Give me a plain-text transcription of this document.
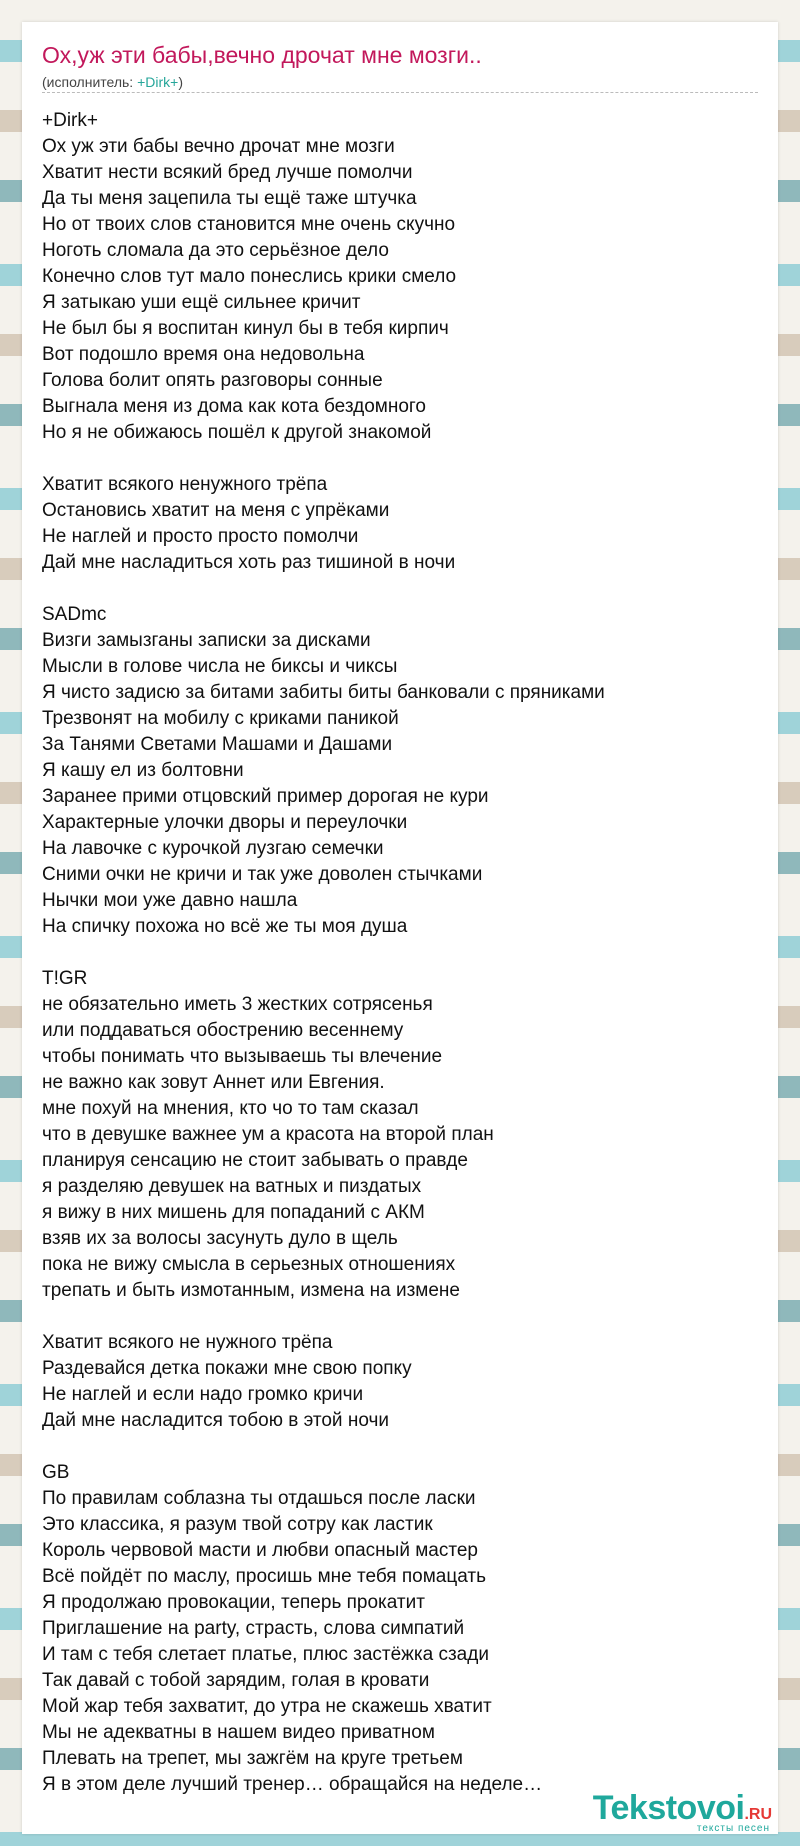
Ох,уж эти бабы,вечно дрочат мне мозги..
(исполнитель: +Dirk+)
+Dirk+
Ох уж эти бабы вечно дрочат мне мозги
Хватит нести всякий бред лучше помолчи
Да ты меня зацепила ты ещё таже штучка
Но от твоих слов становится мне очень скучно
Ноготь сломала да это серьёзное дело
Конечно слов тут мало понеслись крики смело
Я затыкаю уши ещё сильнее кричит
Не был бы я воспитан кинул бы в тебя кирпич
Вот подошло время она недовольна
Голова болит опять разговоры сонные
Выгнала меня из дома как кота бездомного
Но я не обижаюсь пошёл к другой знакомой
Хватит всякого ненужного трёпа
Остановись хватит на меня с упрёками
Не наглей и просто просто помолчи
Дай мне насладиться хоть раз тишиной в ночи
SADmc
Визги замызганы записки за дисками
Мысли в голове числа не биксы и чиксы
Я чисто задисю за битами забиты биты банковали с пряниками
Трезвонят на мобилу с криками паникой
За Танями Светами Машами и Дашами
Я кашу ел из болтовни
Заранее прими отцовский пример дорогая не кури
Характерные улочки дворы и переулочки
На лавочке с курочкой лузгаю семечки
Сними очки не кричи и так уже доволен стычками
Нычки мои уже давно нашла
На спичку похожа но всё же ты моя душа
T!GR
не обязательно иметь 3 жестких сотрясенья
или поддаваться обострению весеннему
чтобы понимать что вызываешь ты влечение
не важно как зовут Аннет или Евгения.
мне похуй на мнения, кто чо то там сказал
что в девушке важнее ум а красота на второй план
планируя сенсацию не стоит забывать о правде
я разделяю девушек на ватных и пиздатых
я вижу в них мишень для попаданий с АКМ
взяв их за волосы засунуть дуло в щель
пока не вижу смысла в серьезных отношениях
трепать и быть измотанным, измена на измене
Хватит всякого не нужного трёпа
Раздевайся детка покажи мне свою попку
Не наглей и если надо громко кричи
Дай мне насладится тобою в этой ночи
GB
По правилам соблазна ты отдашься после ласки
Это классика, я разум твой сотру как ластик
Король червовой масти и любви опасный мастер
Всё пойдёт по маслу, просишь мне тебя помацать
Я продолжаю провокации, теперь прокатит
Приглашение на party, страсть, слова симпатий
И там с тебя слетает платье, плюс застёжка сзади
Так давай с тобой зарядим, голая в кровати
Мой жар тебя захватит, до утра не скажешь хватит
Мы не адекватны в нашем видео приватном
Плевать на трепет, мы зажгём на круге третьем
Я в этом деле лучший тренер… обращайся на неделе…
Tekstovoi.RU
тексты песен
